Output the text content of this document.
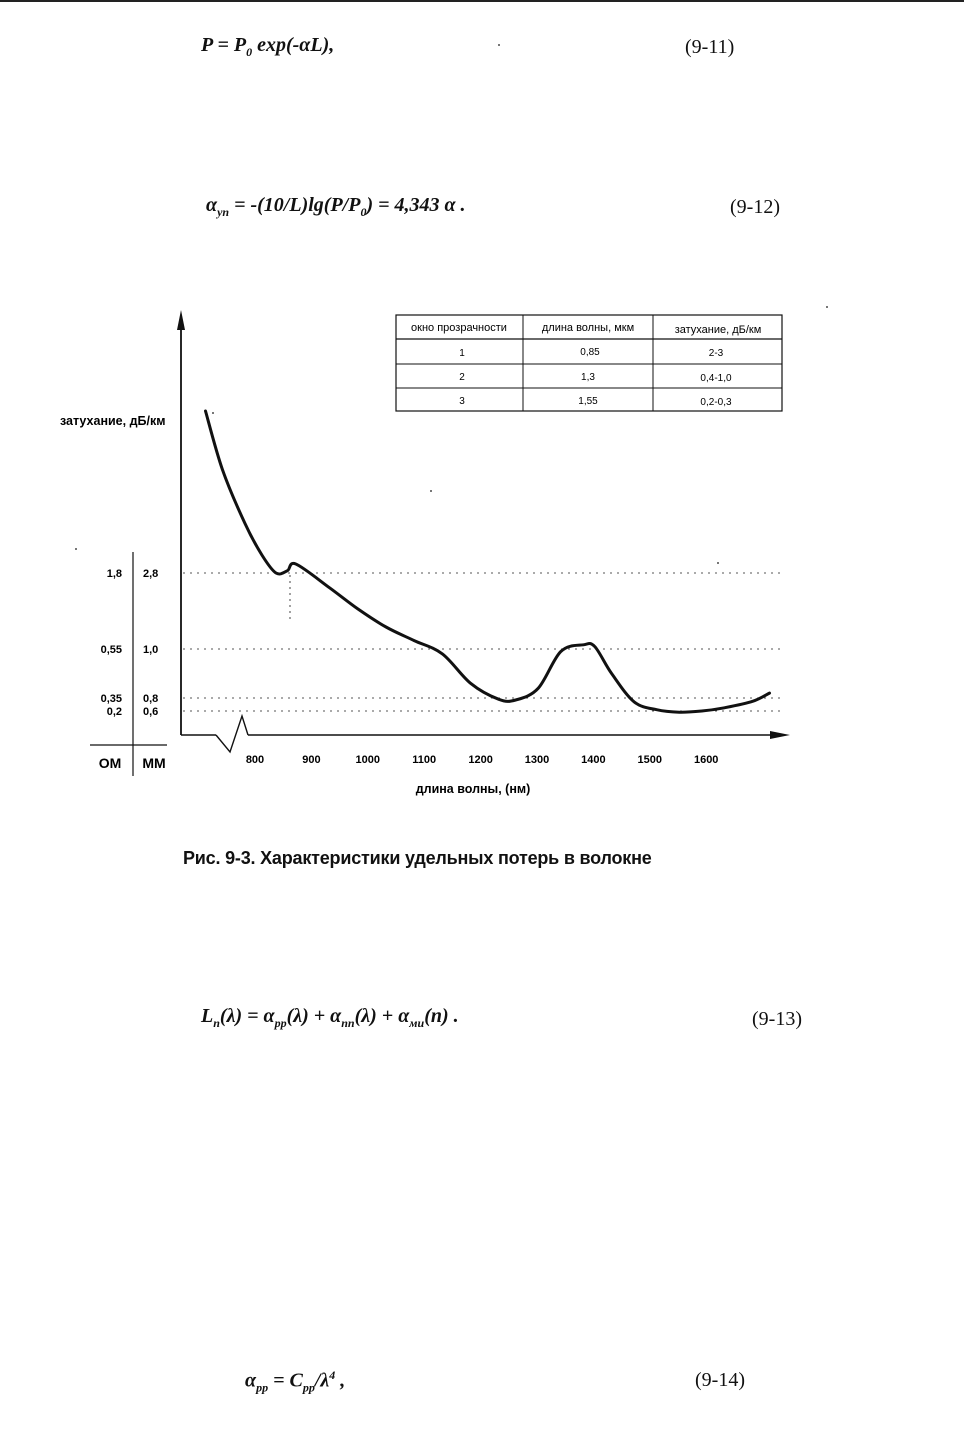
$P = P_0$ exp(-αL),	(9-11)
$\alpha_{уп} = -(10/L)\lg(P/P_0) = 4,343$ α .	(9-12)
окно прозрачности	длина волны, мкм	затухание, дБ/км
1	0,85	2-3
2	1,3	0,4-1,0
3	1,55	0,2-0,3
ОМ ММ
затухание, дБ/км
длина волны, (нм)
800	900	1000	1100	1200	1300	1400	1500	1600
1,8 2,8
0,55 1,0
0,35 0,8
0,2 0,6
Рис. 9-3. Характеристики удельных потерь в волокне
$L_n(\lambda) = \alpha_{pp}(\lambda) + \alpha_{nn}(\lambda) + \alpha_{ми}(n)$ .	(9-13)
$\alpha_{pp} = C_{pp}/\lambda^4$ ,	(9-14)
